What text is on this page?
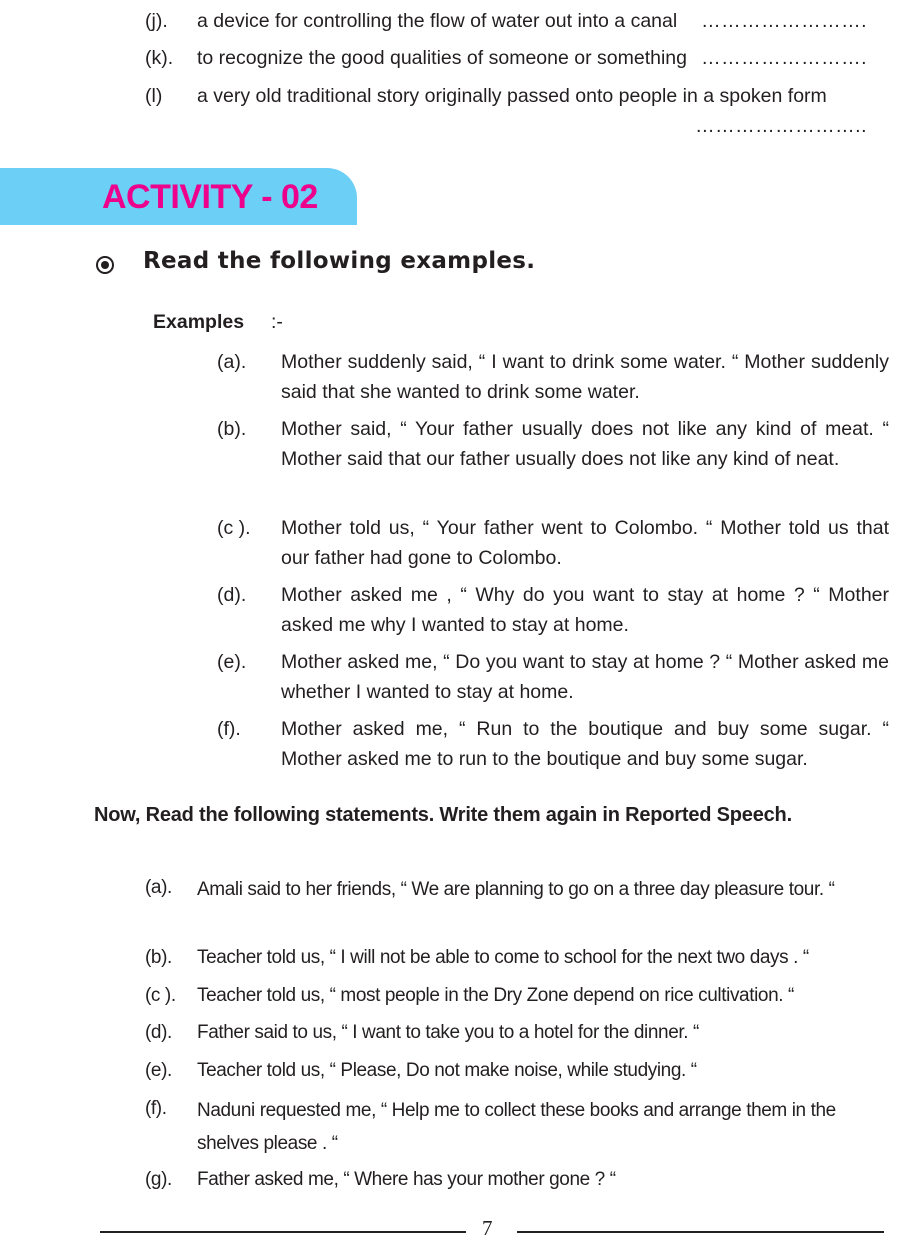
(j). a device for controlling the flow of water out into a canal	…………………….
(k). to recognize the good qualities of someone or something …………………….
(l) a very old traditional story originally passed onto people in a spoken form
……………………..
ACTIVITY - 02
Read the following examples.
Examples :-
(a). Mother suddenly said, “ I want to drink some water. “ Mother suddenly said that she wanted to drink some water.
(b). Mother said, “ Your father usually does not like any kind of meat. “ Mother said that our father usually does not like any kind of neat.
(c ). Mother told us, “ Your father went to Colombo. “ Mother told us that our father had gone to Colombo.
(d). Mother asked me , “ Why do you want to stay at home ? “ Mother asked me why I wanted to stay at home.
(e). Mother asked me, “ Do you want to stay at home ? “ Mother asked me whether I wanted to stay at home.
(f). Mother asked me, “ Run to the boutique and buy some sugar. “ Mother asked me to run to the boutique and buy some sugar.
Now, Read the following statements. Write them again in Reported Speech.
(a). Amali said to her friends, “ We are planning to go on a three day pleasure tour. “
(b). Teacher told us, “ I will not be able to come to school for the next two days . “
(c ). Teacher told us, “ most people in the Dry Zone depend on rice cultivation. “
(d). Father said to us, “ I want to take you to a hotel for the dinner. “
(e). Teacher told us, “ Please, Do not make noise, while studying. “
(f). Naduni requested me, “ Help me to collect these books and arrange them in the shelves please . “
(g). Father asked me, “ Where has your mother gone ? “
7
